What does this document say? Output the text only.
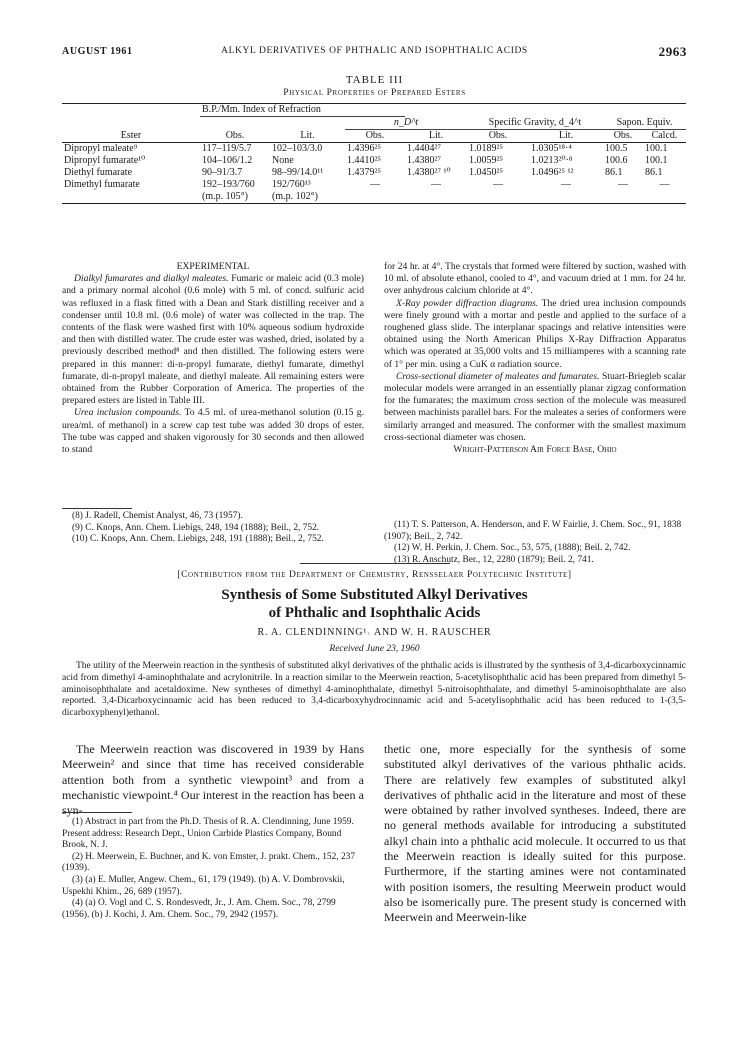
AUGUST 1961	ALKYL DERIVATIVES OF PHTHALIC AND ISOPHTHALIC ACIDS	2963
TABLE III
Physical Properties of Prepared Esters
	B.P./Mm. Index of Refraction							
			n_D^t		Specific Gravity, d_4^t		Sapon. Equiv.	
Ester	Obs.	Lit.	Obs.	Lit.	Obs.	Lit.	Obs.	Calcd.
Dipropyl maleate⁹	117–119/5.7	102–103/3.0	1.4396²⁵	1.4404²⁷	1.0189²⁵	1.0305¹⁸·⁴	100.5	100.1
Dipropyl fumarate¹⁰	104–106/1.2	None	1.4410²⁵	1.4380²⁷	1.0059²⁵	1.0213²⁰·⁸	100.6	100.1
Diethyl fumarate	90–91/3.7	98–99/14.0¹¹	1.4379²⁵	1.4380²⁷ ¹⁰	1.0450²⁵	1.0496²⁵ ¹²	86.1	86.1
Dimethyl fumarate	192–193/760	192/760¹³	—	—	—	—	—	—
	(m.p. 105°)	(m.p. 102°)						

EXPERIMENTAL

Dialkyl fumarates and dialkyl maleates. Fumaric or maleic acid (0.3 mole) and a primary normal alcohol (0.6 mole) with 5 ml. of concd. sulfuric acid was refluxed in a flask fitted with a Dean and Stark distilling receiver and a condenser until 10.8 ml. (0.6 mole) of water was collected in the trap. The contents of the flask were washed first with 10% aqueous sodium hydroxide and then with distilled water. The crude ester was washed, dried, isolated by a previously described method⁸ and then distilled. The following esters were prepared in this manner: di-n-propyl fumarate, diethyl fumarate, dimethyl fumarate, di-n-propyl maleate, and diethyl maleate. All remaining esters were obtained from the Rubber Corporation of America. The properties of the prepared esters are listed in Table III.

Urea inclusion compounds. To 4.5 ml. of urea-methanol solution (0.15 g. urea/ml. of methanol) in a screw cap test tube was added 30 drops of ester. The tube was capped and shaken vigorously for 30 seconds and then allowed to stand

for 24 hr. at 4°. The crystals that formed were filtered by suction, washed with 10 ml. of absolute ethanol, cooled to 4°, and vacuum dried at 1 mm. for 24 hr. over anhydrous calcium chloride at 4°.

X-Ray powder diffraction diagrams. The dried urea inclusion compounds were finely ground with a mortar and pestle and applied to the surface of a roughened glass slide. The interplanar spacings and relative intensities were obtained using the North American Philips X-Ray Diffraction Apparatus which was operated at 35,000 volts and 15 milliamperes with a scanning rate of 1° per min. using a CuK α radiation source.

Cross-sectional diameter of maleates and fumarates. Stuart-Briegleb scalar molecular models were arranged in an essentially planar zigzag conformation for the fumarates; the maximum cross section of the molecule was measured between machinists parallel bars. For the maleates a series of conformers were similarly arranged and measured. The conformer with the smallest maximum cross-sectional diameter was chosen.

Wright-Patterson Air Force Base, Ohio

(8) J. Radell, Chemist Analyst, 46, 73 (1957).
(9) C. Knops, Ann. Chem. Liebigs, 248, 194 (1888); Beil., 2, 752.
(10) C. Knops, Ann. Chem. Liebigs, 248, 191 (1888); Beil., 2, 752.
(11) T. S. Patterson, A. Henderson, and F. W Fairlie, J. Chem. Soc., 91, 1838 (1907); Beil., 2, 742.
(12) W. H. Perkin, J. Chem. Soc., 53, 575, (1888); Beil. 2, 742.
(13) R. Anschutz, Ber., 12, 2280 (1879); Beil. 2, 741.
[Contribution from the Department of Chemistry, Rensselaer Polytechnic Institute]
Synthesis of Some Substituted Alkyl Derivatives
of Phthalic and Isophthalic Acids
R. A. CLENDINNING¹˒ AND W. H. RAUSCHER
Received June 23, 1960

The utility of the Meerwein reaction in the synthesis of substituted alkyl derivatives of the phthalic acids is illustrated by the synthesis of 3,4-dicarboxycinnamic acid from dimethyl 4-aminophthalate and acrylonitrile. In a reaction similar to the Meerwein reaction, 5-acetylisophthalic acid has been prepared from dimethyl 5-aminoisophthalate and acetaldoxime. New syntheses of dimethyl 4-aminophthalate, dimethyl 5-nitroisophthalate, and dimethyl 5-aminoisophthalate are also reported. 3,4-Dicarboxycinnamic acid has been reduced to 3,4-dicarboxyhydrocinnamic acid and 5-acetylisophthalic acid has been reduced to 1-(3,5-dicarboxyphenyl)ethanol.

The Meerwein reaction was discovered in 1939 by Hans Meerwein² and since that time has received considerable attention both from a synthetic viewpoint³ and from a mechanistic viewpoint.⁴ Our interest in the reaction has been a syn-

(1) Abstract in part from the Ph.D. Thesis of R. A. Clendinning, June 1959. Present address: Research Dept., Union Carbide Plastics Company, Bound Brook, N. J.
(2) H. Meerwein, E. Buchner, and K. von Emster, J. prakt. Chem., 152, 237 (1939).
(3) (a) E. Muller, Angew. Chem., 61, 179 (1949). (b) A. V. Dombrovskii, Uspekhi Khim., 26, 689 (1957).
(4) (a) O. Vogl and C. S. Rondesvedt, Jr., J. Am. Chem. Soc., 78, 2799 (1956). (b) J. Kochi, J. Am. Chem. Soc., 79, 2942 (1957).

thetic one, more especially for the synthesis of some substituted alkyl derivatives of the various phthalic acids. There are relatively few examples of substituted alkyl derivatives of phthalic acid in the literature and most of these were obtained by rather involved syntheses. Indeed, there are no general methods available for introducing a substituted alkyl chain into a phthalic acid molecule. It occurred to us that the Meerwein reaction is ideally suited for this purpose. Furthermore, if the starting amines were not contaminated with position isomers, the resulting Meerwein product would also be isomerically pure. The present study is concerned with Meerwein and Meerwein-like
